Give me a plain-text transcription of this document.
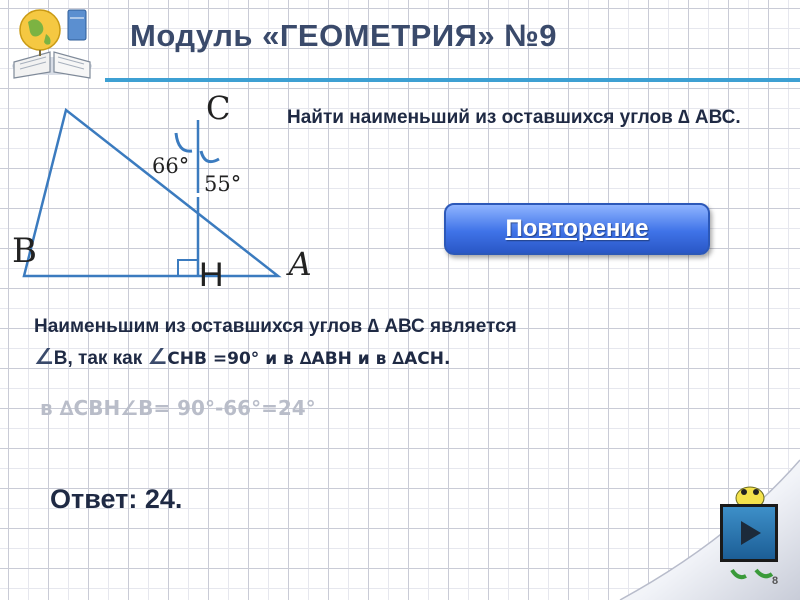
Модуль «ГЕОМЕТРИЯ» №9
С
В	А
Н
66°
55°
Найти наименьший из оставшихся углов ∆ АВС.
Повторение
Наименьшим из оставшихся углов ∆ АВС является
∠В, так как ∠CHB =90° и в ∆АВН и в ∆АСН.
в ∆СВН∠В= 90°-66°=24°
Ответ: 24.
8
